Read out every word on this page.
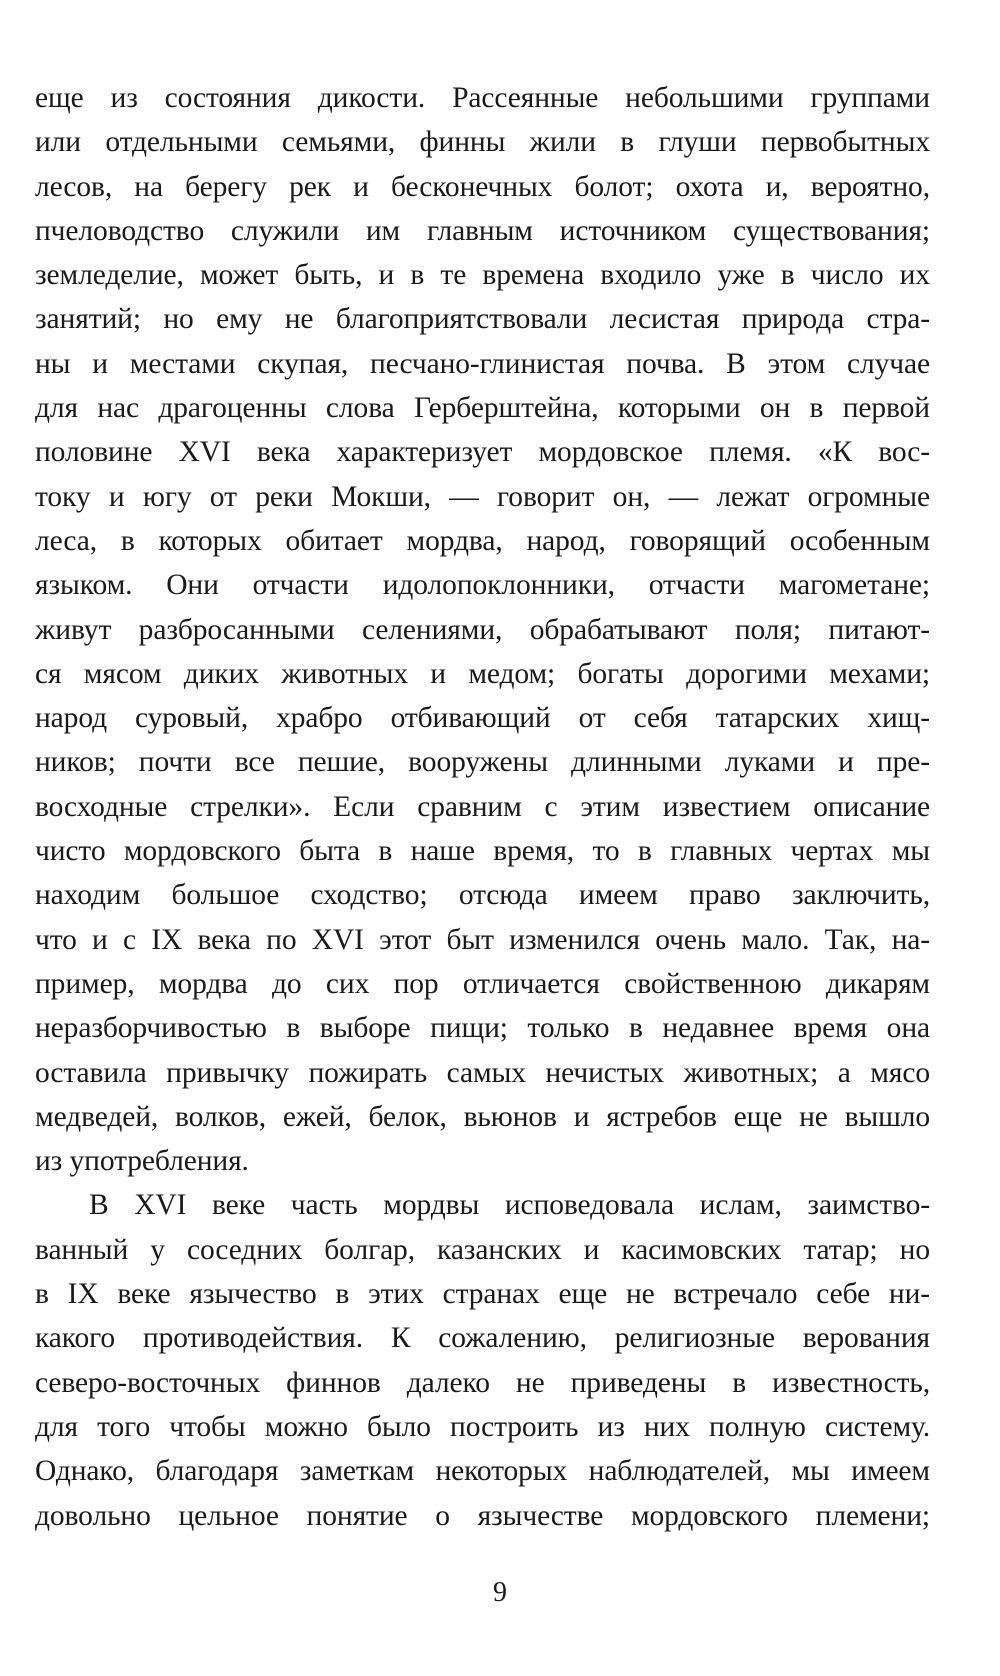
еще из состояния дикости. Рассеянные небольшими группами
или отдельными семьями, финны жили в глуши первобытных
лесов, на берегу рек и бесконечных болот; охота и, вероятно,
пчеловодство служили им главным источником существования;
земледелие, может быть, и в те времена входило уже в число их
занятий; но ему не благоприятствовали лесистая природа стра-
ны и местами скупая, песчано-глинистая почва. В этом случае
для нас драгоценны слова Герберштейна, которыми он в первой
половине XVI века характеризует мордовское племя. «К вос-
току и югу от реки Мокши, — говорит он, — лежат огромные
леса, в которых обитает мордва, народ, говорящий особенным
языком. Они отчасти идолопоклонники, отчасти магометане;
живут разбросанными селениями, обрабатывают поля; питают-
ся мясом диких животных и медом; богаты дорогими мехами;
народ суровый, храбро отбивающий от себя татарских хищ-
ников; почти все пешие, вооружены длинными луками и пре-
восходные стрелки». Если сравним с этим известием описание
чисто мордовского быта в наше время, то в главных чертах мы
находим большое сходство; отсюда имеем право заключить,
что и с IX века по XVI этот быт изменился очень мало. Так, на-
пример, мордва до сих пор отличается свойственною дикарям
неразборчивостью в выборе пищи; только в недавнее время она
оставила привычку пожирать самых нечистых животных; а мясо
медведей, волков, ежей, белок, вьюнов и ястребов еще не вышло
из употребления.
В XVI веке часть мордвы исповедовала ислам, заимство-
ванный у соседних болгар, казанских и касимовских татар; но
в IX веке язычество в этих странах еще не встречало себе ни-
какого противодействия. К сожалению, религиозные верования
северо-восточных финнов далеко не приведены в известность,
для того чтобы можно было построить из них полную систему.
Однако, благодаря заметкам некоторых наблюдателей, мы имеем
довольно цельное понятие о язычестве мордовского племени;
9
